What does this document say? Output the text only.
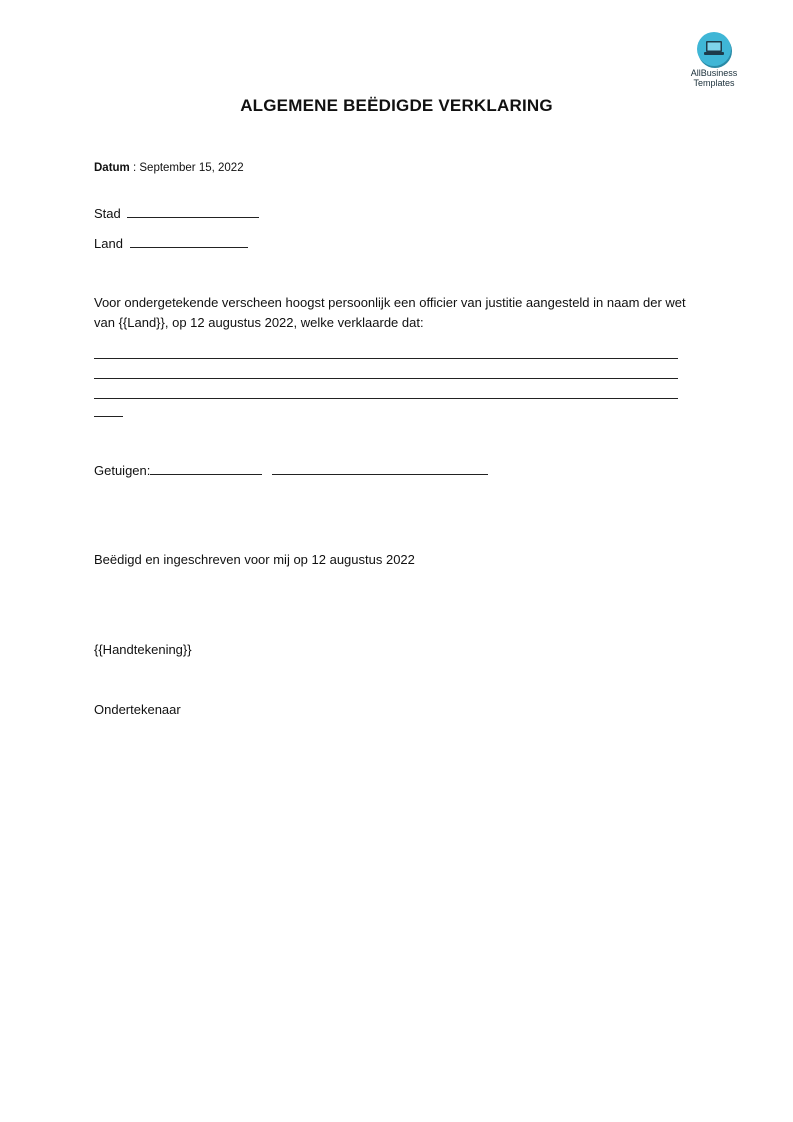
AllBusiness
Templates
ALGEMENE BEËDIGDE VERKLARING
Datum : September 15, 2022
Stad
Land
Voor ondergetekende verscheen hoogst persoonlijk een officier van justitie aangesteld in naam der wet van {{Land}}, op 12 augustus 2022, welke verklaarde dat:
Getuigen:
Beëdigd en ingeschreven voor mij op 12 augustus 2022
{{Handtekening}}
Ondertekenaar
